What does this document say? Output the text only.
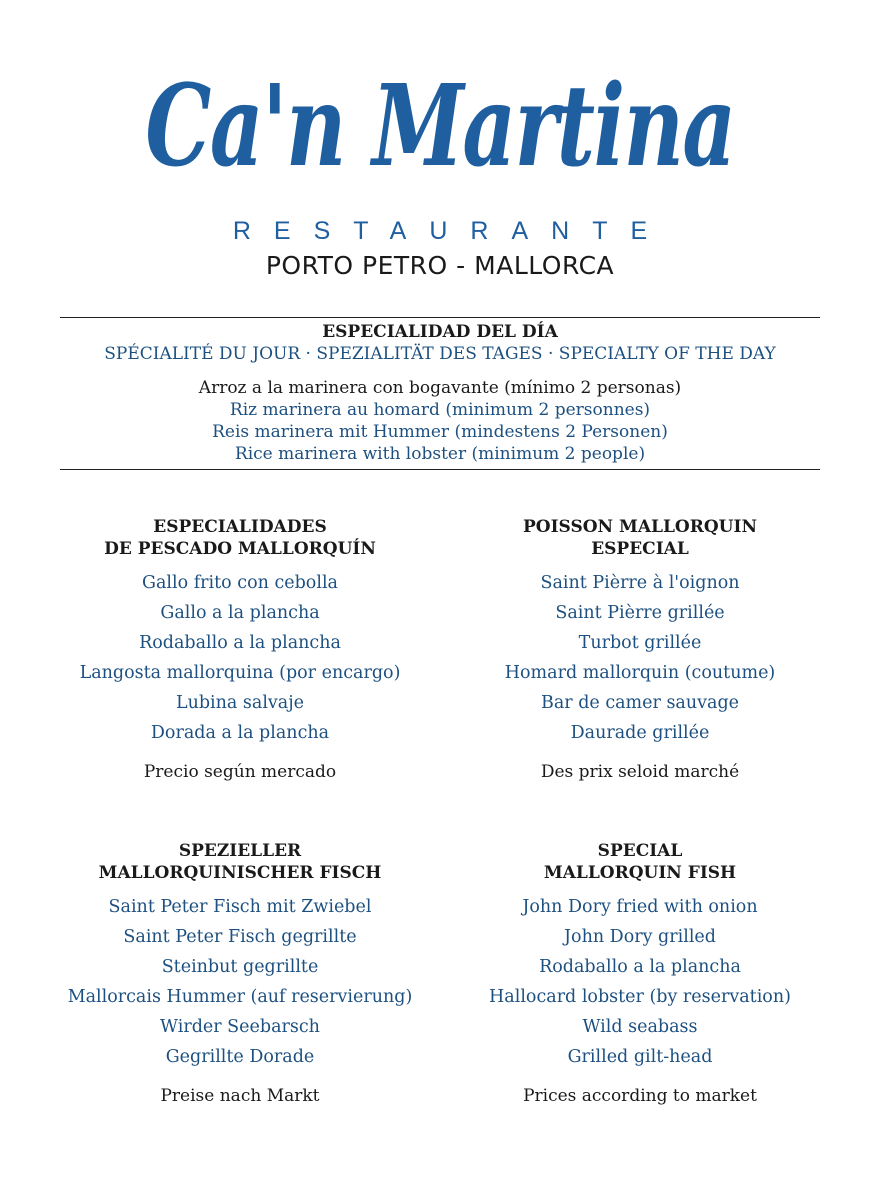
Ca'n Martina
RESTAURANTE
PORTO PETRO - MALLORCA
ESPECIALIDAD DEL DÍA
SPÉCIALITÉ DU JOUR · SPEZIALITÄT DES TAGES · SPECIALTY OF THE DAY
Arroz a la marinera con bogavante (mínimo 2 personas)
Riz marinera au homard (minimum 2 personnes)
Reis marinera mit Hummer (mindestens 2 Personen)
Rice marinera with lobster (minimum 2 people)
ESPECIALIDADES
DE PESCADO MALLORQUÍN
Gallo frito con cebolla
Gallo a la plancha
Rodaballo a la plancha
Langosta mallorquina (por encargo)
Lubina salvaje
Dorada a la plancha
Precio según mercado
POISSON MALLORQUIN
ESPECIAL
Saint Pièrre à l'oignon
Saint Pièrre grillée
Turbot grillée
Homard mallorquin (coutume)
Bar de camer sauvage
Daurade grillée
Des prix seloid marché
SPEZIELLER
MALLORQUINISCHER FISCH
Saint Peter Fisch mit Zwiebel
Saint Peter Fisch gegrillte
Steinbut gegrillte
Mallorcais Hummer (auf reservierung)
Wirder Seebarsch
Gegrillte Dorade
Preise nach Markt
SPECIAL
MALLORQUIN FISH
John Dory fried with onion
John Dory grilled
Rodaballo a la plancha
Hallocard lobster (by reservation)
Wild seabass
Grilled gilt-head
Prices according to market
